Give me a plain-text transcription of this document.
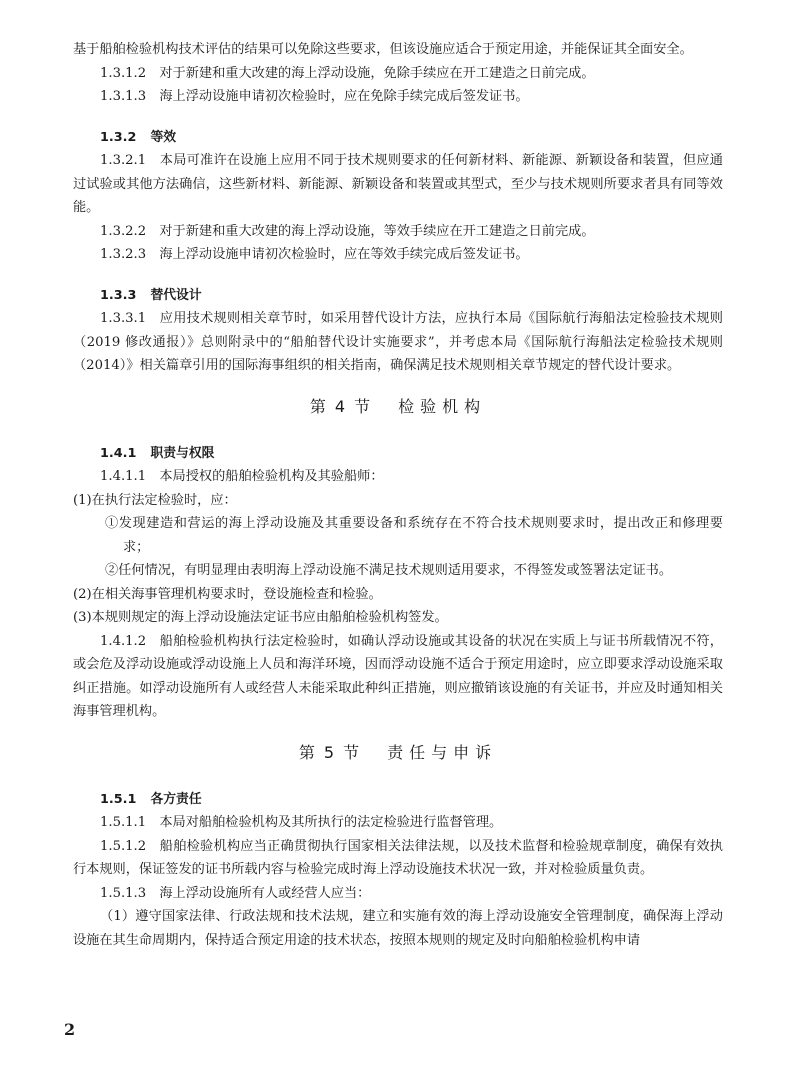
基于船舶检验机构技术评估的结果可以免除这些要求，但该设施应适合于预定用途，并能保证其全面安全。

1.3.1.2　对于新建和重大改建的海上浮动设施，免除手续应在开工建造之日前完成。

1.3.1.3　海上浮动设施申请初次检验时，应在免除手续完成后签发证书。

1.3.2 等效

1.3.2.1　本局可准许在设施上应用不同于技术规则要求的任何新材料、新能源、新颖设备和装置，但应通过试验或其他方法确信，这些新材料、新能源、新颖设备和装置或其型式，至少与技术规则所要求者具有同等效能。

1.3.2.2　对于新建和重大改建的海上浮动设施，等效手续应在开工建造之日前完成。

1.3.2.3　海上浮动设施申请初次检验时，应在等效手续完成后签发证书。

1.3.3 替代设计

1.3.3.1　应用技术规则相关章节时，如采用替代设计方法，应执行本局《国际航行海船法定检验技术规则（2019 修改通报）》总则附录中的“船舶替代设计实施要求”，并考虑本局《国际航行海船法定检验技术规则（2014）》相关篇章引用的国际海事组织的相关指南，确保满足技术规则相关章节规定的替代设计要求。

第 4 节 检验机构

1.4.1 职责与权限

1.4.1.1　本局授权的船舶检验机构及其验船师：

(1)在执行法定检验时，应：

①发现建造和营运的海上浮动设施及其重要设备和系统存在不符合技术规则要求时，提出改正和修理要求；

②任何情况，有明显理由表明海上浮动设施不满足技术规则适用要求，不得签发或签署法定证书。

(2)在相关海事管理机构要求时，登设施检查和检验。

(3)本规则规定的海上浮动设施法定证书应由船舶检验机构签发。

1.4.1.2　船舶检验机构执行法定检验时，如确认浮动设施或其设备的状况在实质上与证书所载情况不符，或会危及浮动设施或浮动设施上人员和海洋环境，因而浮动设施不适合于预定用途时，应立即要求浮动设施采取纠正措施。如浮动设施所有人或经营人未能采取此种纠正措施，则应撤销该设施的有关证书，并应及时通知相关海事管理机构。

第 5 节 责任与申诉

1.5.1 各方责任

1.5.1.1　本局对船舶检验机构及其所执行的法定检验进行监督管理。

1.5.1.2　船舶检验机构应当正确贯彻执行国家相关法律法规，以及技术监督和检验规章制度，确保有效执行本规则，保证签发的证书所载内容与检验完成时海上浮动设施技术状况一致，并对检验质量负责。

1.5.1.3　海上浮动设施所有人或经营人应当：

（1）遵守国家法律、行政法规和技术法规，建立和实施有效的海上浮动设施安全管理制度，确保海上浮动设施在其生命周期内，保持适合预定用途的技术状态，按照本规则的规定及时向船舶检验机构申请

2
